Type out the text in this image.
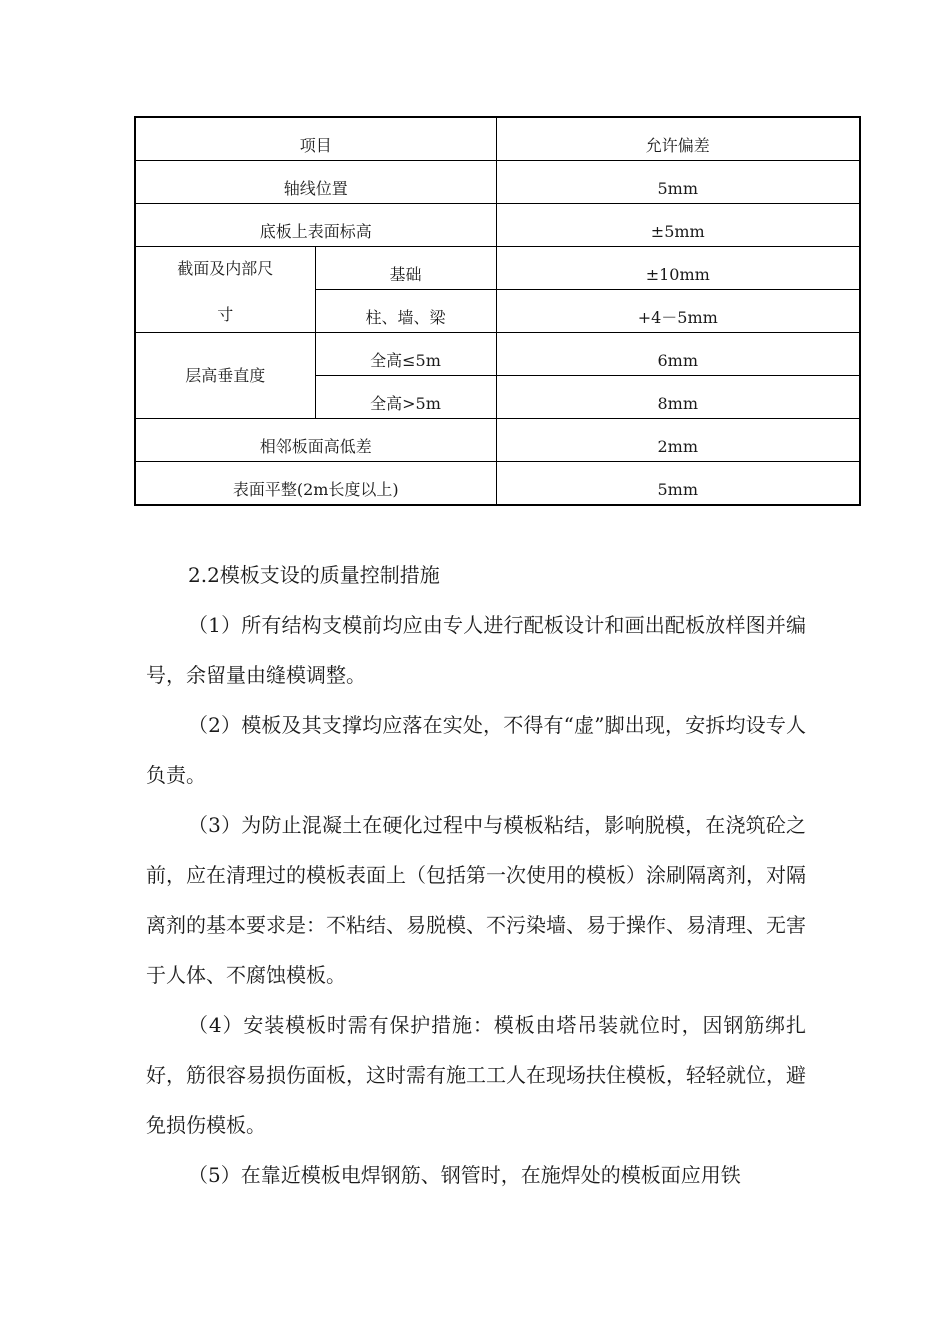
项目		允许偏差
轴线位置		5mm
底板上表面标高		±5mm

截面及内部尺
寸	基础	±10mm
	柱、墙、梁	+4－5mm
层高垂直度	全高≤5m	6mm
	全高>5m	8mm
相邻板面高低差		2mm
表面平整(2m长度以上)		5mm

2.2模板支设的质量控制措施

（1）所有结构支模前均应由专人进行配板设计和画出配板放样图并编号，余留量由缝模调整。

（2）模板及其支撑均应落在实处，不得有“虚”脚出现，安拆均设专人负责。

（3）为防止混凝土在硬化过程中与模板粘结，影响脱模，在浇筑砼之前，应在清理过的模板表面上（包括第一次使用的模板）涂刷隔离剂，对隔离剂的基本要求是：不粘结、易脱模、不污染墙、易于操作、易清理、无害于人体、不腐蚀模板。

（4）安装模板时需有保护措施：模板由塔吊装就位时，因钢筋绑扎好，筋很容易损伤面板，这时需有施工工人在现场扶住模板，轻轻就位，避免损伤模板。

（5）在靠近模板电焊钢筋、钢管时，在施焊处的模板面应用铁
